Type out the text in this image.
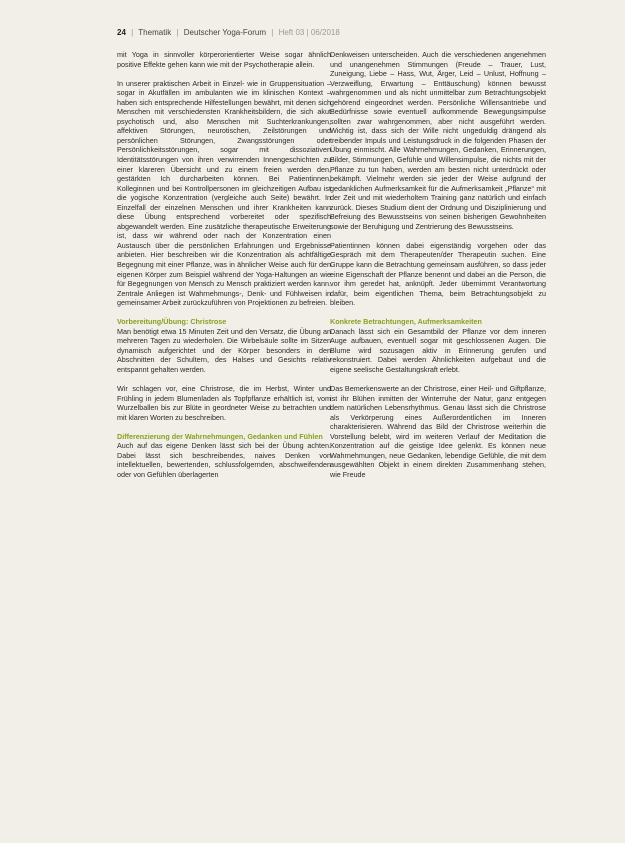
24 | Thematik | Deutscher Yoga-Forum | Heft 03 | 06/2018

mit Yoga in sinnvoller körperorientierter Weise sogar ähnlich positive Effekte gehen kann wie mit der Psychotherapie allein.

In unserer praktischen Arbeit in Einzel- wie in Gruppensituation – sogar in Akutfällen im ambulanten wie im klinischen Kontext – haben sich entsprechende Hilfestellungen bewährt, mit denen sich Menschen mit verschiedensten Krankheitsbildern, die sich akut psychotisch und, also Menschen mit Suchterkrankungen, affektiven Störungen, neurotischen, Zeilstörungen und persönlichen Störungen, Zwangsstörungen oder Persönlichkeitsstörungen, sogar mit dissoziativen Identitätsstörungen von ihren verwirrenden Innengeschichten zu einer klareren Übersicht und zu einem freien werden den, gestärkten Ich durcharbeiten können. Bei Patientinnen, Kolleginnen und bei Kontrollpersonen im gleichzeitigen Aufbau ist die yogische Konzentration (vergleiche auch Seite) bewährt. In Einzelfall der einzelnen Menschen und ihrer Krankheiten kann diese Übung entsprechend vorbereitet oder spezifisch abgewandelt werden. Eine zusätzliche therapeutische Erweiterung ist, dass wir während oder nach der Konzentration einen Austausch über die persönlichen Erfahrungen und Ergebnisse anbieten. Hier beschreiben wir die Konzentration als achtfältige Begegnung mit einer Pflanze, was in ähnlicher Weise auch für den eigenen Körper zum Beispiel während der Yoga-Haltungen an wie für Begegnungen von Mensch zu Mensch praktiziert werden kann. Zentrale Anliegen ist Wahrnehmungs-, Denk- und Fühlweisen in gemeinsamer Arbeit zurückzuführen von Projektionen zu befreien.

Vorbereitung/Übung: Christrose

Man benötigt etwa 15 Minuten Zeit und den Versatz, die Übung an mehreren Tagen zu wiederholen. Die Wirbelsäule sollte im Sitzen dynamisch aufgerichtet und der Körper besonders in den Abschnitten der Schultern, des Halses und Gesichts relativ entspannt gehalten werden.

Wir schlagen vor, eine Christrose, die im Herbst, Winter und Frühling in jedem Blumenladen als Topfpflanze erhältlich ist, vom Wurzelballen bis zur Blüte in geordneter Weise zu betrachten und mit klaren Worten zu beschreiben.

Differenzierung der Wahrnehmungen, Gedanken und Fühlen

Auch auf das eigene Denken lässt sich bei der Übung achten. Dabei lässt sich beschreibendes, naives Denken von intellektuellen, bewertenden, schlussfolgernden, abschweifenden oder von Gefühlen überlagerten

Denkweisen unterscheiden. Auch die verschiedenen angenehmen und unangenehmen Stimmungen (Freude – Trauer, Lust, Zuneigung, Liebe – Hass, Wut, Ärger, Leid – Unlust, Hoffnung – Verzweiflung, Erwartung – Enttäuschung) können bewusst wahrgenommen und als nicht unmittelbar zum Betrachtungsobjekt gehörend eingeordnet werden. Persönliche Willensantriebe und Bedürfnisse sowie eventuell aufkommende Bewegungsimpulse sollten zwar wahrgenommen, aber nicht ausgeführt werden. Wichtig ist, dass sich der Wille nicht ungeduldig drängend als treibender Impuls und Leistungsdruck in die folgenden Phasen der Übung einmischt. Alle Wahrnehmungen, Gedanken, Erinnerungen, Bilder, Stimmungen, Gefühle und Willensimpulse, die nichts mit der Pflanze zu tun haben, werden am besten nicht unterdrückt oder bekämpft. Vielmehr werden sie jeder der Weise aufgrund der gedanklichen Aufmerksamkeit für die Aufmerksamkeit „Pflanze“ mit der Zeit und mit wiederholtem Training ganz natürlich und einfach zurück. Dieses Studium dient der Ordnung und Disziplinierung und Befreiung des Bewusstseins von seinen bisherigen Gewohnheiten sowie der Beruhigung und Zentrierung des Bewusstseins.

Patientinnen können dabei eigenständig vorgehen oder das Gespräch mit dem Therapeuten/der Therapeutin suchen. Eine Gruppe kann die Betrachtung gemeinsam ausführen, so dass jeder eine Eigenschaft der Pflanze benennt und dabei an die Person, die vor ihm geredet hat, anknüpft. Jeder übernimmt Verantwortung dafür, beim eigentlichen Thema, beim Betrachtungsobjekt zu bleiben.

Konkrete Betrachtungen, Aufmerksamkeiten

Danach lässt sich ein Gesamtbild der Pflanze vor dem inneren Auge aufbauen, eventuell sogar mit geschlossenen Augen. Die Blume wird sozusagen aktiv in Erinnerung gerufen und rekonstruiert. Dabei werden Ähnlichkeiten aufgebaut und die eigene seelische Gestaltungskraft erlebt.

Das Bemerkenswerte an der Christrose, einer Heil- und Giftpflanze, ist ihr Blühen inmitten der Winterruhe der Natur, ganz entgegen dem natürlichen Lebensrhythmus. Genau lässt sich die Christrose als Verkörperung eines Außerordentlichen im Inneren charakterisieren. Während das Bild der Christrose weiterhin die Vorstellung belebt, wird im weiteren Verlauf der Meditation die Konzentration auf die geistige Idee gelenkt. Es können neue Wahrnehmungen, neue Gedanken, lebendige Gefühle, die mit dem ausgewählten Objekt in einem direkten Zusammenhang stehen, wie Freude
